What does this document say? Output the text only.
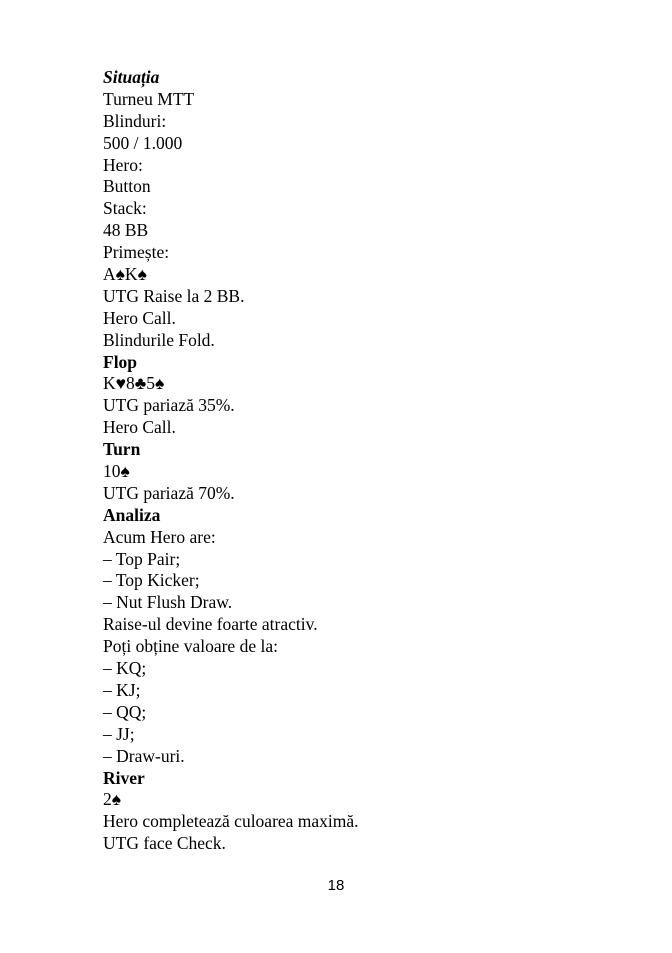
Situația
Turneu MTT
Blinduri:
500 / 1.000
Hero:
Button
Stack:
48 BB
Primește:
A♠K♠
UTG Raise la 2 BB.
Hero Call.
Blindurile Fold.
Flop
K♥8♣5♠
UTG pariază 35%.
Hero Call.
Turn
10♠
UTG pariază 70%.
Analiza
Acum Hero are:
– Top Pair;
– Top Kicker;
– Nut Flush Draw.
Raise-ul devine foarte atractiv.
Poți obține valoare de la:
– KQ;
– KJ;
– QQ;
– JJ;
– Draw-uri.
River
2♠
Hero completează culoarea maximă.
UTG face Check.
18
